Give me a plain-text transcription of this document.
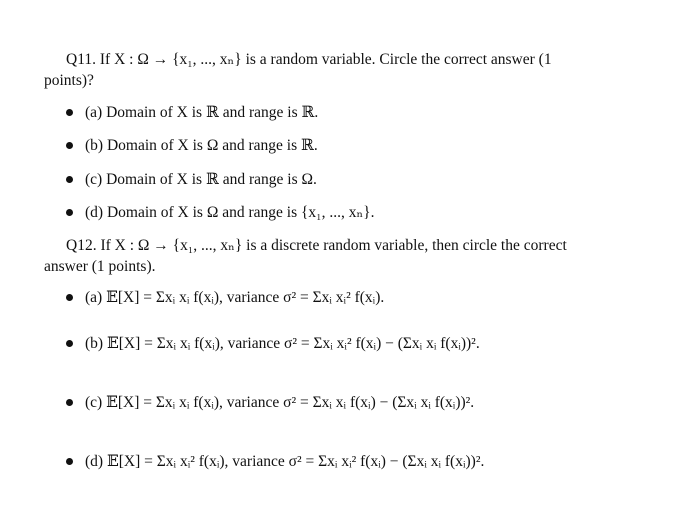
Q11. If X : Ω → {x₁, ..., xₙ} is a random variable. Circle the correct answer (1
points)?
(a)
Domain of X is ℝ and range is ℝ.
(b)
Domain of X is Ω and range is ℝ.
(c)
Domain of X is ℝ and range is Ω.
(d)
Domain of X is Ω and range is {x₁, ..., xₙ}.
Q12. If X : Ω → {x₁, ..., xₙ} is a discrete random variable, then circle the correct
answer (1 points).
(a)
𝔼[X] = Σxᵢ xᵢ f(xᵢ), variance σ² = Σxᵢ xᵢ² f(xᵢ).
(b)
𝔼[X] = Σxᵢ xᵢ f(xᵢ), variance σ² = Σxᵢ xᵢ² f(xᵢ) − (Σxᵢ xᵢ f(xᵢ))².
(c)
𝔼[X] = Σxᵢ xᵢ f(xᵢ), variance σ² = Σxᵢ xᵢ f(xᵢ) − (Σxᵢ xᵢ f(xᵢ))².
(d)
𝔼[X] = Σxᵢ xᵢ² f(xᵢ), variance σ² = Σxᵢ xᵢ² f(xᵢ) − (Σxᵢ xᵢ f(xᵢ))².
